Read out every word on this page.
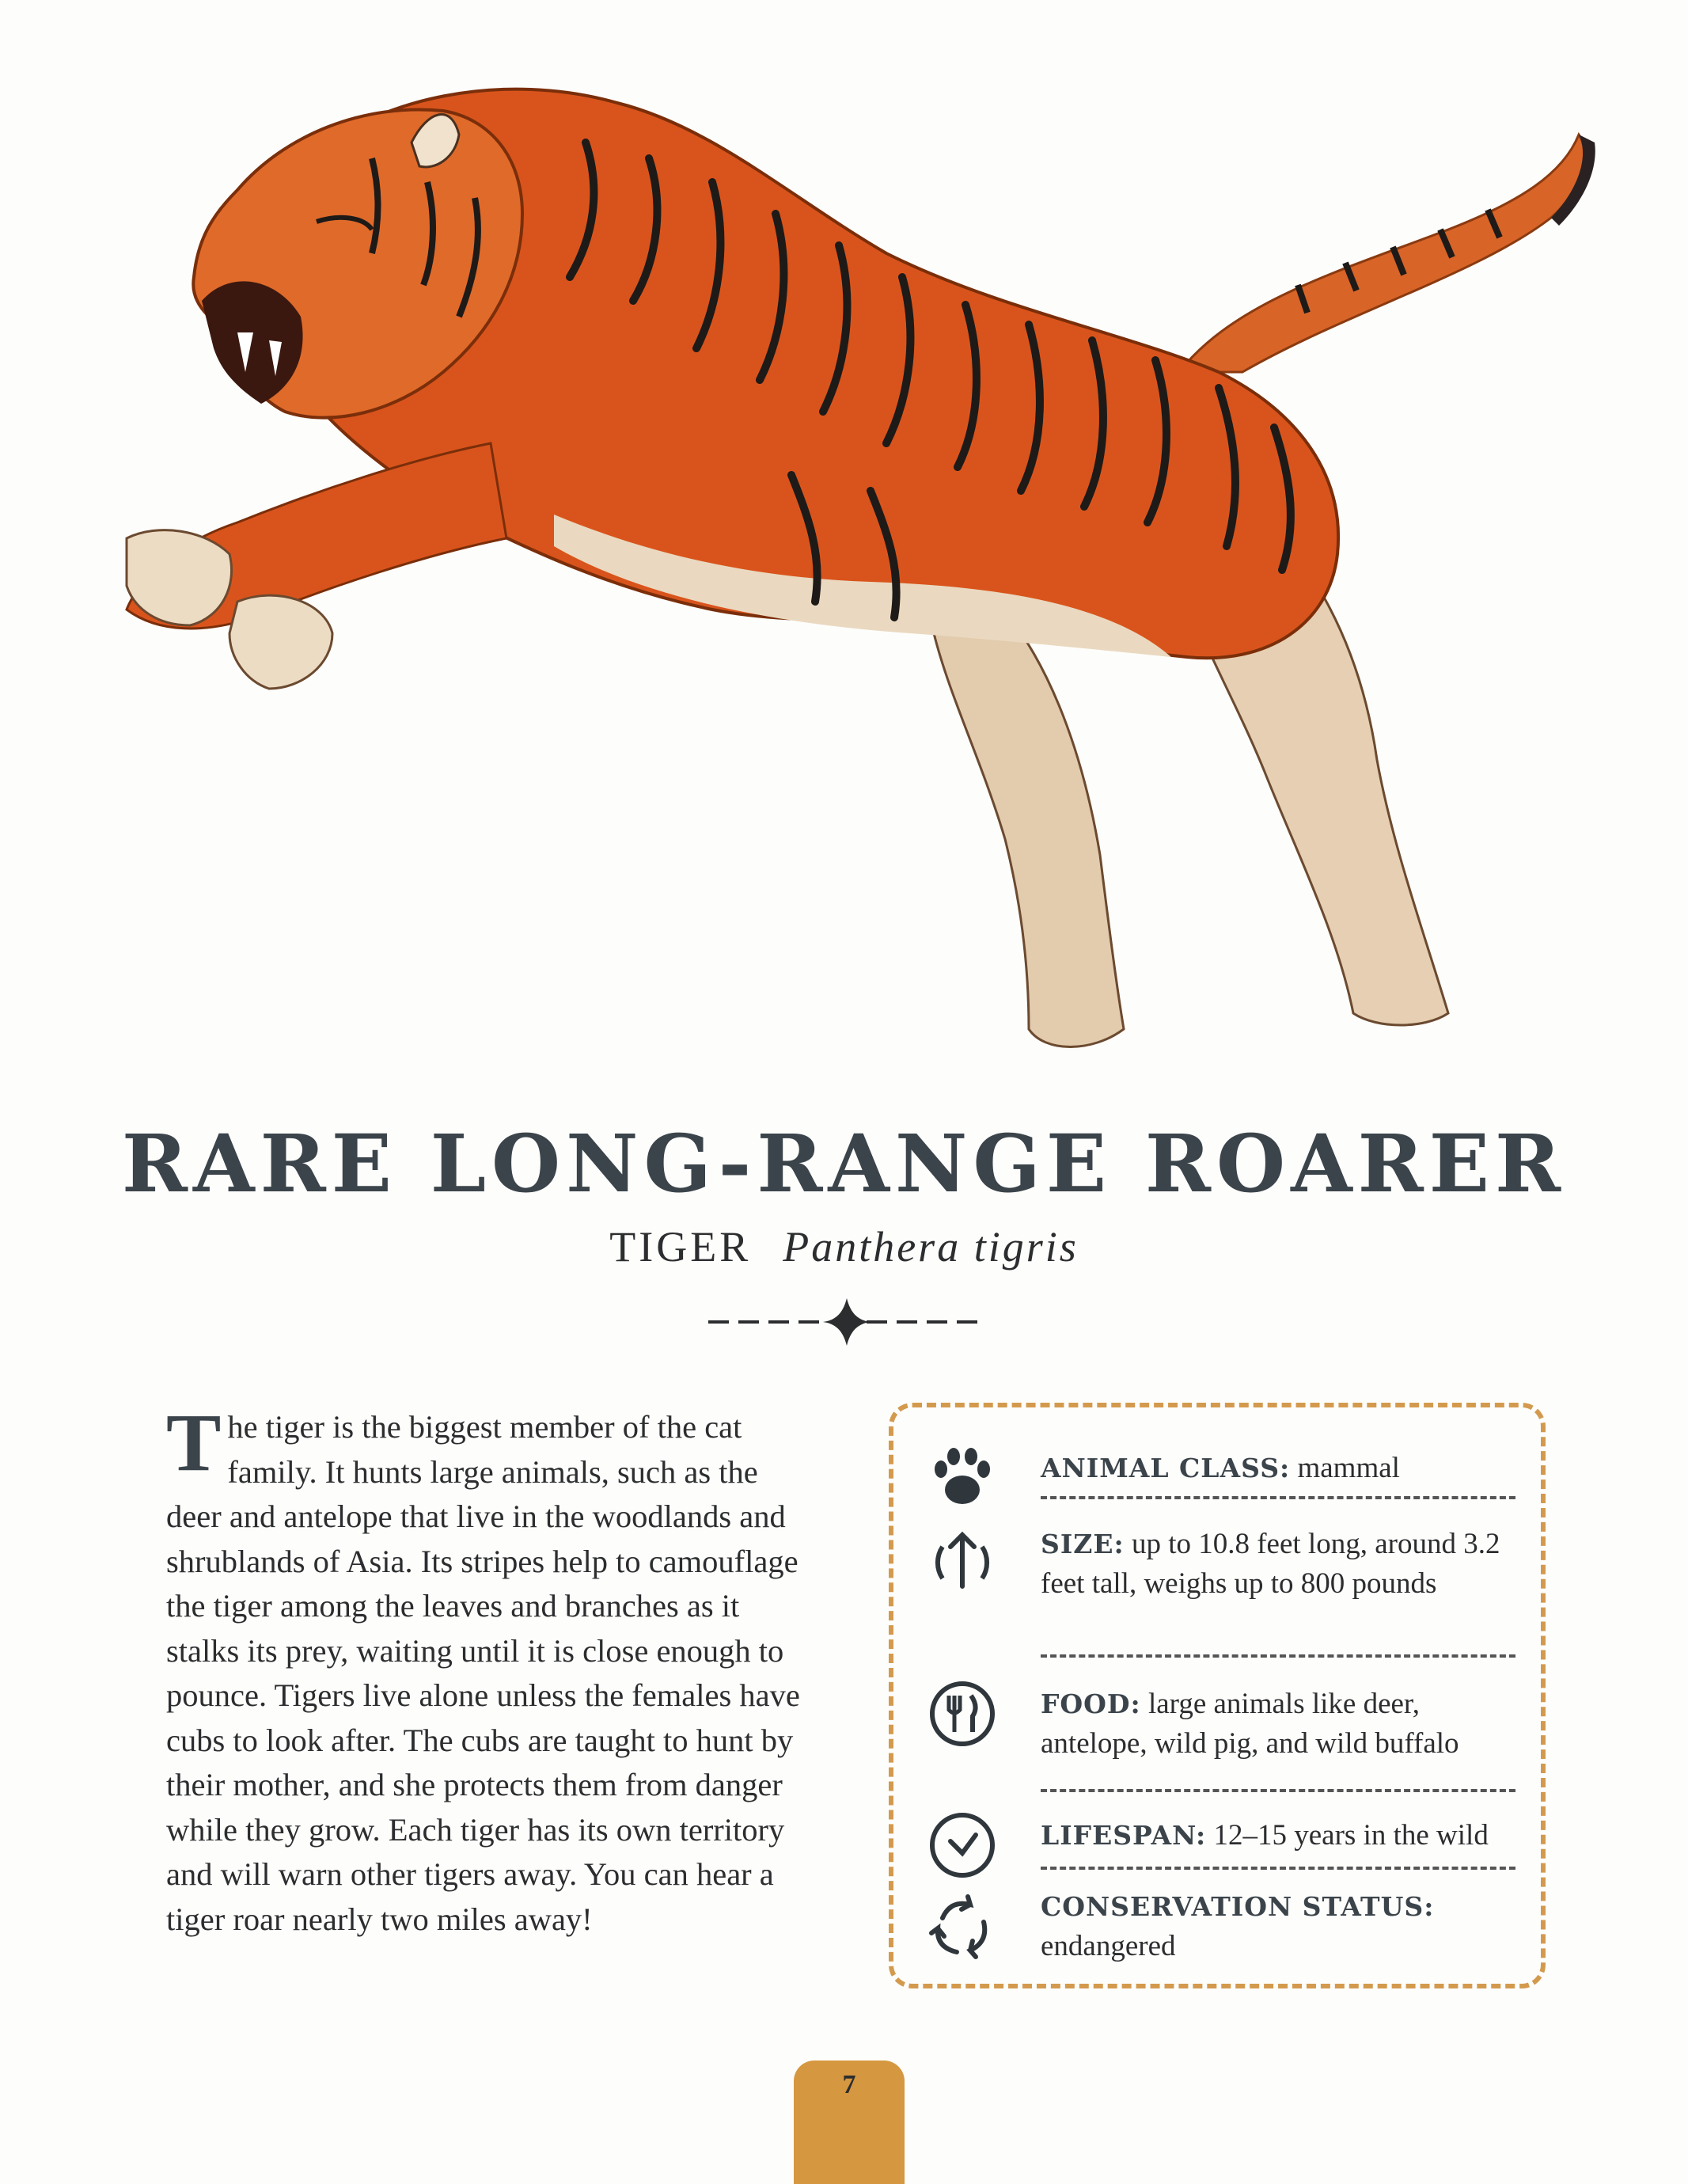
RARE LONG-RANGE ROARER
TIGER Panthera tigris
The tiger is the biggest member of the cat family. It hunts large animals, such as the deer and antelope that live in the woodlands and shrublands of Asia. Its stripes help to camouflage the tiger among the leaves and branches as it stalks its prey, waiting until it is close enough to pounce. Tigers live alone unless the females have cubs to look after. The cubs are taught to hunt by their mother, and she protects them from danger while they grow. Each tiger has its own territory and will warn other tigers away. You can hear a tiger roar nearly two miles away!
ANIMAL CLASS: mammal
SIZE: up to 10.8 feet long, around 3.2 feet tall, weighs up to 800 pounds
FOOD: large animals like deer, antelope, wild pig, and wild buffalo
LIFESPAN: 12–15 years in the wild
CONSERVATION STATUS:
endangered
7
